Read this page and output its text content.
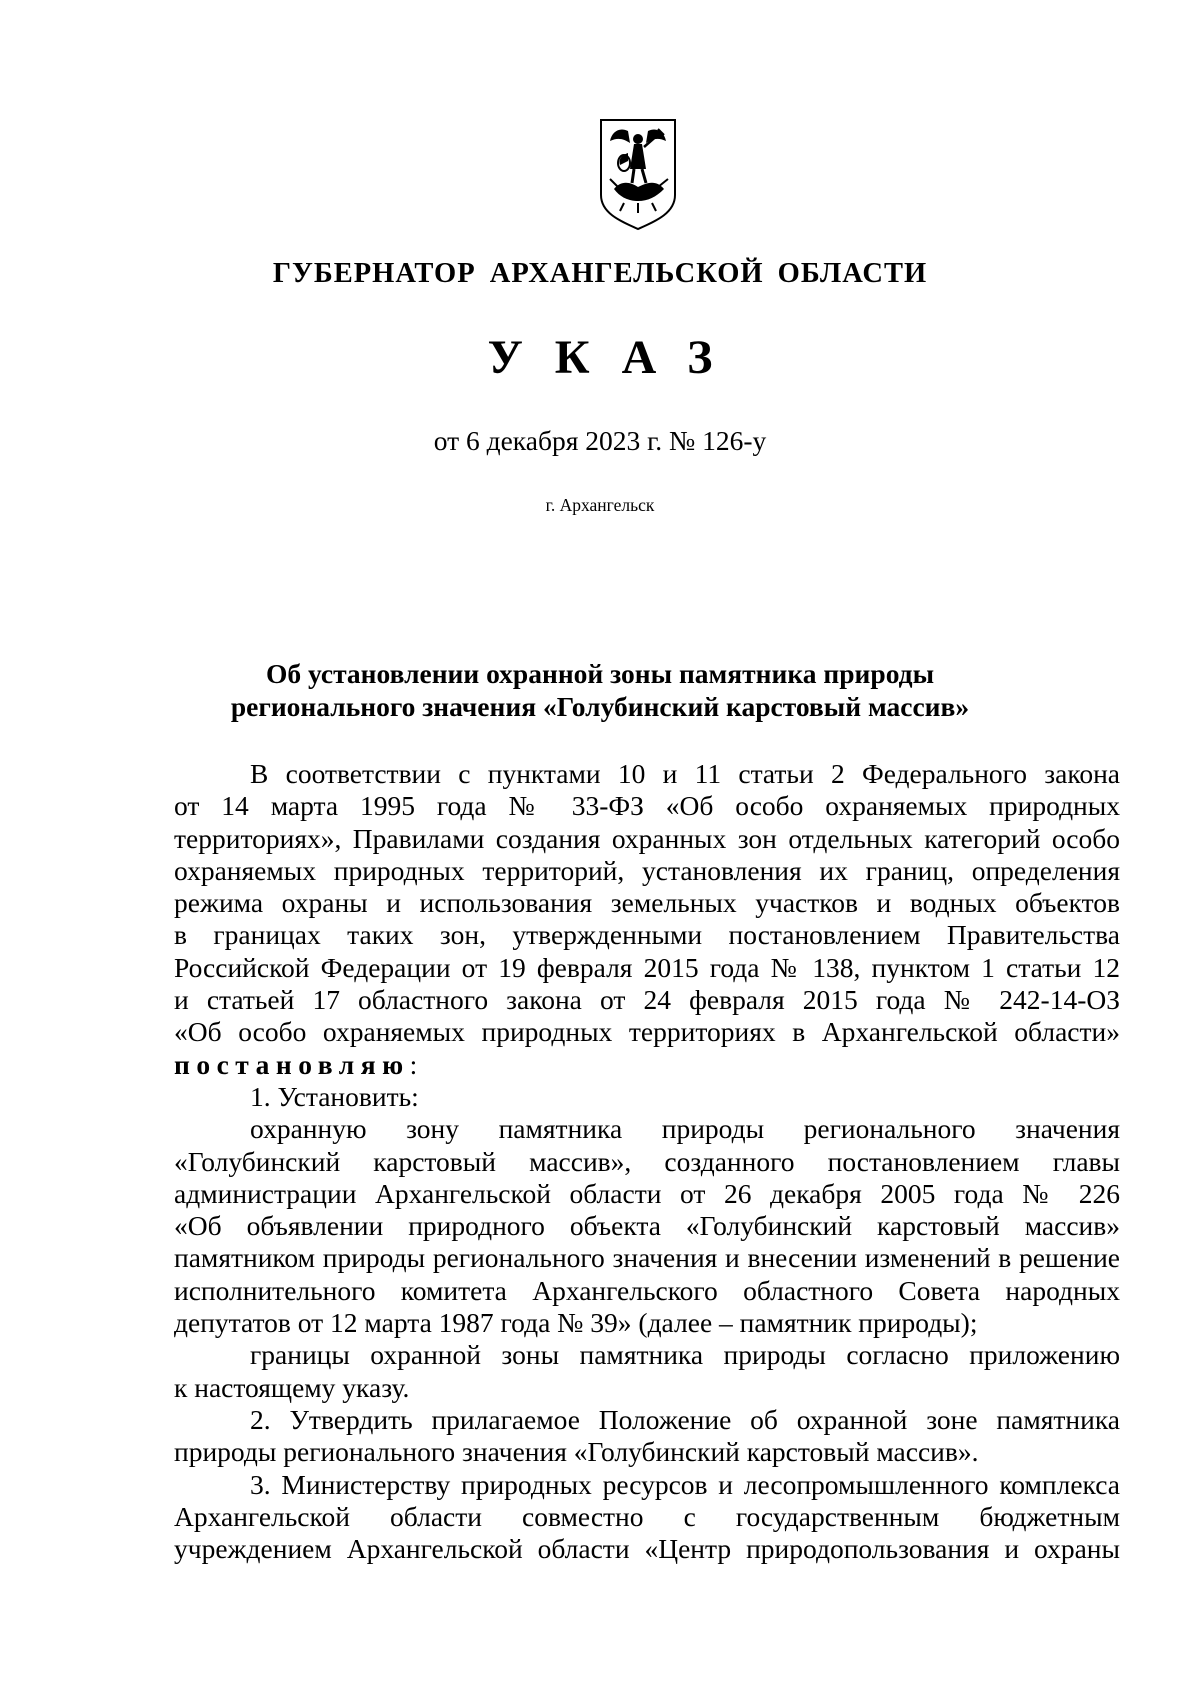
ГУБЕРНАТОР АРХАНГЕЛЬСКОЙ ОБЛАСТИ
УКАЗ
от 6 декабря 2023 г. № 126-у
г. Архангельск
Об установлении охранной зоны памятника природы
регионального значения «Голубинский карстовый массив»
В соответствии с пунктами 10 и 11 статьи 2 Федерального закона
от 14 марта 1995 года № 33-ФЗ «Об особо охраняемых природных
территориях», Правилами создания охранных зон отдельных категорий особо
охраняемых природных территорий, установления их границ, определения
режима охраны и использования земельных участков и водных объектов
в границах таких зон, утвержденными постановлением Правительства
Российской Федерации от 19 февраля 2015 года № 138, пунктом 1 статьи 12
и статьей 17 областного закона от 24 февраля 2015 года № 242-14-ОЗ
«Об особо охраняемых природных территориях в Архангельской области»
постановляю:
1. Установить:
охранную зону памятника природы регионального значения
«Голубинский карстовый массив», созданного постановлением главы
администрации Архангельской области от 26 декабря 2005 года № 226
«Об объявлении природного объекта «Голубинский карстовый массив»
памятником природы регионального значения и внесении изменений в решение
исполнительного комитета Архангельского областного Совета народных
депутатов от 12 марта 1987 года № 39» (далее – памятник природы);
границы охранной зоны памятника природы согласно приложению
к настоящему указу.
2. Утвердить прилагаемое Положение об охранной зоне памятника
природы регионального значения «Голубинский карстовый массив».
3. Министерству природных ресурсов и лесопромышленного комплекса
Архангельской области совместно с государственным бюджетным
учреждением Архангельской области «Центр природопользования и охраны
